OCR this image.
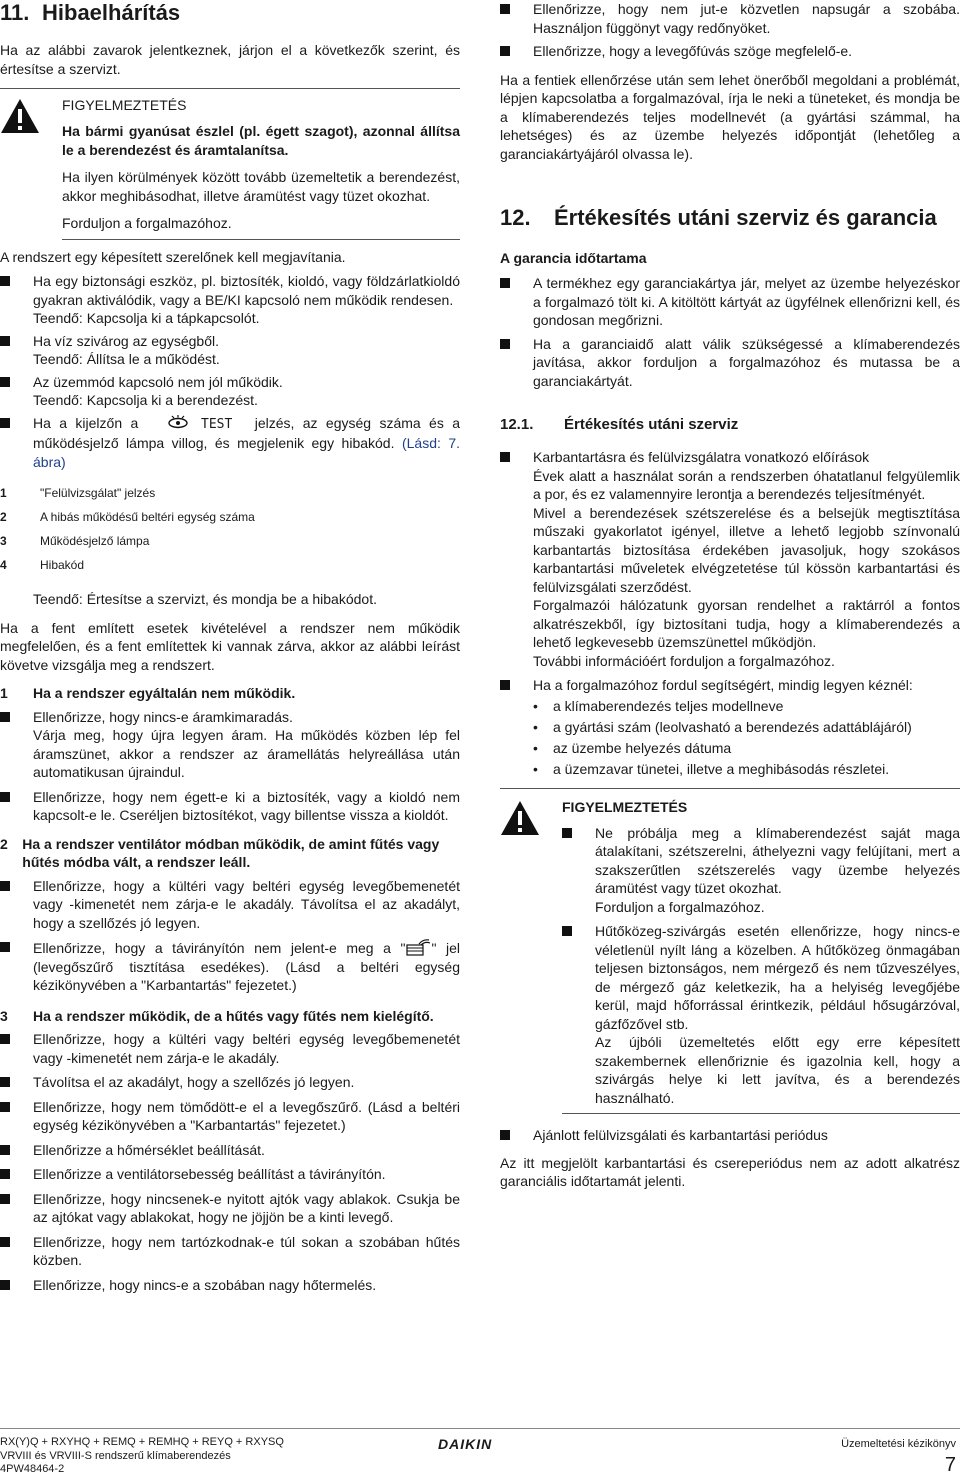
11. Hibaelhárítás

Ha az alábbi zavarok jelentkeznek, járjon el a következők szerint, és értesítse a szervizt.

FIGYELMEZTETÉS

Ha bármi gyanúsat észlel (pl. égett szagot), azonnal állítsa le a berendezést és áramtalanítsa.

Ha ilyen körülmények között tovább üzemeltetik a berendezést, akkor meghibásodhat, illetve áramütést vagy tüzet okozhat.

Forduljon a forgalmazóhoz.

A rendszert egy képesített szerelőnek kell megjavítania.

Ha egy biztonsági eszköz, pl. biztosíték, kioldó, vagy földzárlatkioldó gyakran aktiválódik, vagy a BE/KI kapcsoló nem működik rendesen.
Teendő: Kapcsolja ki a tápkapcsolót.
Ha víz szivárog az egységből.
Teendő: Állítsa le a működést.
Az üzemmód kapcsoló nem jól működik.
Teendő: Kapcsolja ki a berendezést.
Ha a kijelzőn a	TEST jelzés, az egység száma és a működésjelző lámpa villog, és megjelenik egy hibakód. (Lásd: 7. ábra)
1	"Felülvizsgálat" jelzés
2	A hibás működésű beltéri egység száma
3	Működésjelző lámpa
4	Hibakód

Teendő: Értesítse a szervizt, és mondja be a hibakódot.

Ha a fent említett esetek kivételével a rendszer nem működik megfelelően, és a fent említettek ki vannak zárva, akkor az alábbi leírást követve vizsgálja meg a rendszert.

1	Ha a rendszer egyáltalán nem működik.
Ellenőrizze, hogy nincs-e áramkimaradás.
Várja meg, hogy újra legyen áram. Ha működés közben lép fel áramszünet, akkor a rendszer az áramellátás helyreállása után automatikusan újraindul.
Ellenőrizze, hogy nem égett-e ki a biztosíték, vagy a kioldó nem kapcsolt-e le. Cseréljen biztosítékot, vagy billentse vissza a kioldót.
2	Ha a rendszer ventilátor módban működik, de amint fűtés vagy hűtés módba vált, a rendszer leáll.
Ellenőrizze, hogy a kültéri vagy beltéri egység levegőbemenetét vagy -kimenetét nem zárja-e le akadály. Távolítsa el az akadályt, hogy a szellőzés jó legyen.
Ellenőrizze, hogy a távirányítón nem jelent-e meg a " " jel (levegőszűrő tisztítása esedékes). (Lásd a beltéri egység kézikönyvében a "Karbantartás" fejezetet.)
3	Ha a rendszer működik, de a hűtés vagy fűtés nem kielégítő.
Ellenőrizze, hogy a kültéri vagy beltéri egység levegőbemenetét vagy -kimenetét nem zárja-e le akadály.
Távolítsa el az akadályt, hogy a szellőzés jó legyen.
Ellenőrizze, hogy nem tömődött-e el a levegőszűrő. (Lásd a beltéri egység kézikönyvében a "Karbantartás" fejezetet.)
Ellenőrizze a hőmérséklet beállítását.
Ellenőrizze a ventilátorsebesség beállítást a távirányítón.
Ellenőrizze, hogy nincsenek-e nyitott ajtók vagy ablakok. Csukja be az ajtókat vagy ablakokat, hogy ne jöjjön be a kinti levegő.
Ellenőrizze, hogy nem tartózkodnak-e túl sokan a szobában hűtés közben.
Ellenőrizze, hogy nincs-e a szobában nagy hőtermelés.
Ellenőrizze, hogy nem jut-e közvetlen napsugár a szobába. Használjon függönyt vagy redőnyöket.
Ellenőrizze, hogy a levegőfúvás szöge megfelelő-e.

Ha a fentiek ellenőrzése után sem lehet önerőből megoldani a problémát, lépjen kapcsolatba a forgalmazóval, írja le neki a tüneteket, és mondja be a klímaberendezés teljes modellnevét (a gyártási számmal, ha lehetséges) és az üzembe helyezés időpontját (lehetőleg a garanciakártyájáról olvassa le).

12.	Értékesítés utáni szerviz és garancia

A garancia időtartama

A termékhez egy garanciakártya jár, melyet az üzembe helyezéskor a forgalmazó tölt ki. A kitöltött kártyát az ügyfélnek ellenőrizni kell, és gondosan megőrizni.
Ha a garanciaidő alatt válik szükségessé a klímaberendezés javítása, akkor forduljon a forgalmazóhoz és mutassa be a garanciakártyát.
12.1.	Értékesítés utáni szerviz
Karbantartásra és felülvizsgálatra vonatkozó előírások
Évek alatt a használat során a rendszerben óhatatlanul felgyülemlik a por, és ez valamennyire lerontja a berendezés teljesítményét.
Mivel a berendezések szétszerelése és a belsejük megtisztítása műszaki gyakorlatot igényel, illetve a lehető legjobb színvonalú karbantartás biztosítása érdekében javasoljuk, hogy szokásos karbantartási műveletek elvégzetetése túl kössön karbantartási és felülvizsgálati szerződést.
Forgalmazói hálózatunk gyorsan rendelhet a raktárról a fontos alkatrészekből, így biztosítani tudja, hogy a klímaberendezés a lehető legkevesebb üzemszünettel működjön.
További információért forduljon a forgalmazóhoz.
Ha a forgalmazóhoz fordul segítségért, mindig legyen kéznél:
•	a klímaberendezés teljes modellneve
•	a gyártási szám (leolvasható a berendezés adattáblájáról)
•	az üzembe helyezés dátuma
•	a üzemzavar tünetei, illetve a meghibásodás részletei.
FIGYELMEZTETÉS
Ne próbálja meg a klímaberendezést saját maga átalakítani, szétszerelni, áthelyezni vagy felújítani, mert a szakszerűtlen szétszerelés vagy üzembe helyezés áramütést vagy tüzet okozhat.
Forduljon a forgalmazóhoz.
Hűtőközeg-szivárgás esetén ellenőrizze, hogy nincs-e véletlenül nyílt láng a közelben. A hűtőközeg önmagában teljesen biztonságos, nem mérgező és nem tűzveszélyes, de mérgező gáz keletkezik, ha a helyiség levegőjébe kerül, majd hőforrással érintkezik, például hősugárzóval, gázfőzővel stb.
Az újbóli üzemeltetés előtt egy erre képesített szakembernek ellenőriznie és igazolnia kell, hogy a szivárgás helye ki lett javítva, és a berendezés használható.
Ajánlott felülvizsgálati és karbantartási periódus

Az itt megjelölt karbantartási és csereperiódus nem az adott alkatrész garanciális időtartamát jelenti.

RX(Y)Q + RXYHQ + REMQ + REMHQ + REYQ + RXYSQ
VRVIII és VRVIII-S rendszerű klímaberendezés
4PW48464-2
DAIKIN	Üzemeltetési kézikönyv
7
